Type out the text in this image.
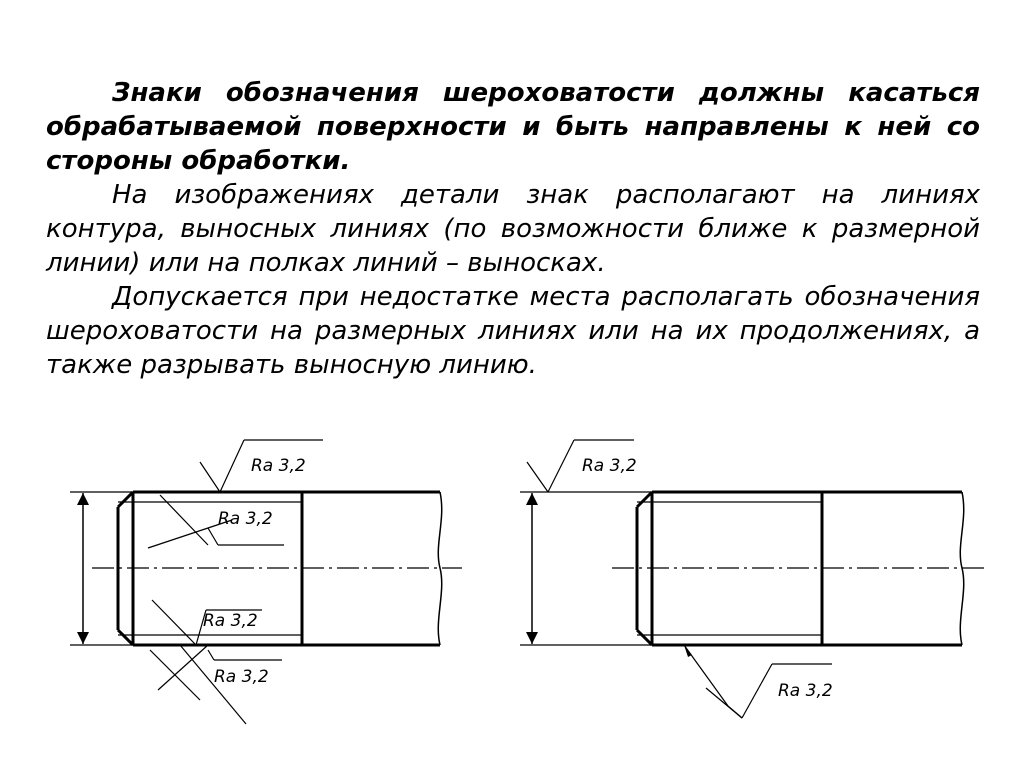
Знаки обозначения шероховатости должны касаться обрабатываемой поверхности и быть направлены к ней со стороны обработки.

На изображениях детали знак располагают на линиях контура, выносных линиях (по возможности ближе к размерной линии) или на полках линий – выносках.

Допускается при недостатке места располагать обозначения шероховатости на размерных линиях или на их продолжениях, а также разрывать выносную линию.

Ra 3,2
Ra 3,2
Ra 3,2
Ra 3,2
Ra 3,2
Ra 3,2
